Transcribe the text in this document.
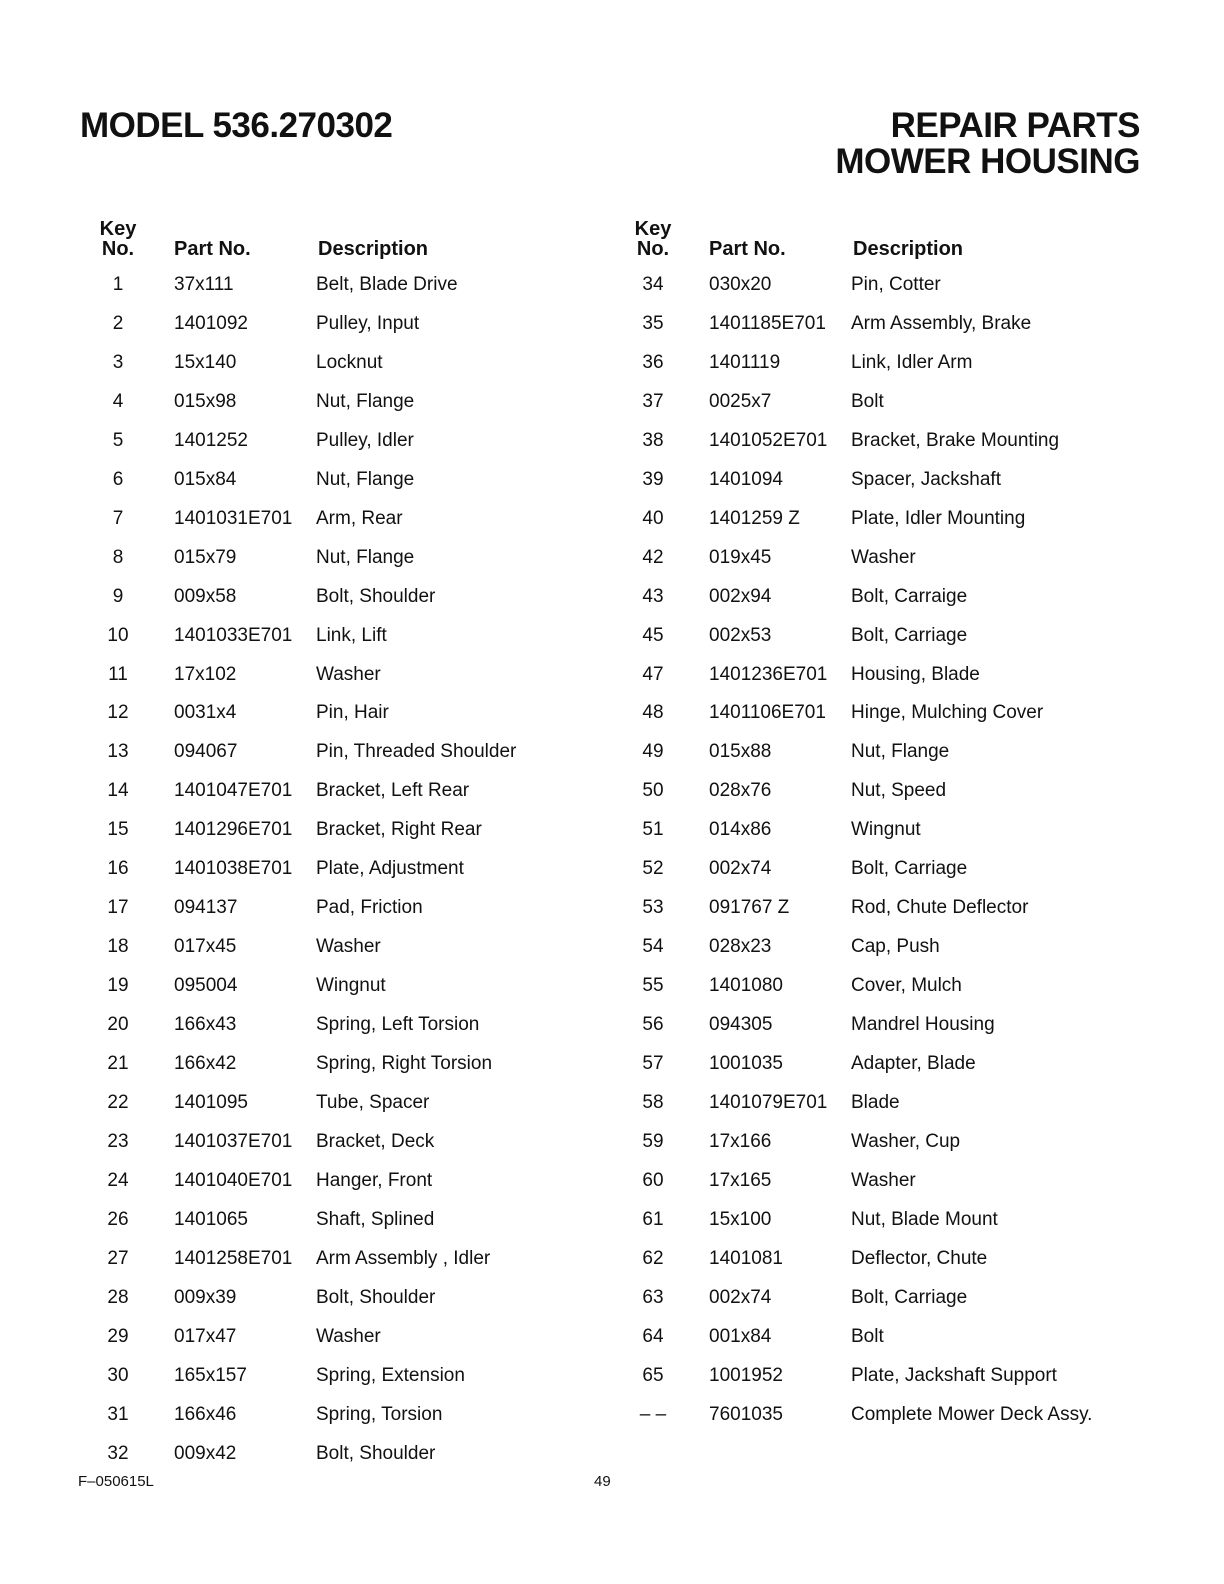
MODEL 536.270302	REPAIR PARTS
MOWER HOUSING
Key
No.	Part No.	Description
1	37x111	Belt, Blade Drive
2	1401092	Pulley, Input
3	15x140	Locknut
4	015x98	Nut, Flange
5	1401252	Pulley, Idler
6	015x84	Nut, Flange
7	1401031E701 Arm, Rear
8	015x79	Nut, Flange
9	009x58	Bolt, Shoulder
10	1401033E701 Link, Lift
11	17x102	Washer
12	0031x4	Pin, Hair
13	094067	Pin, Threaded Shoulder
14	1401047E701 Bracket, Left Rear
15	1401296E701 Bracket, Right Rear
16	1401038E701 Plate, Adjustment
17	094137	Pad, Friction
18	017x45	Washer
19	095004	Wingnut
20	166x43	Spring, Left Torsion
21	166x42	Spring, Right Torsion
22	1401095	Tube, Spacer
23	1401037E701 Bracket, Deck
24	1401040E701 Hanger, Front
26	1401065	Shaft, Splined
27	1401258E701 Arm Assembly , Idler
28	009x39	Bolt, Shoulder
29	017x47	Washer
30	165x157	Spring, Extension
31	166x46	Spring, Torsion
32	009x42	Bolt, Shoulder
Key
No.	Part No.	Description
34	030x20	Pin, Cotter
35	1401185E701 Arm Assembly, Brake
36	1401119	Link, Idler Arm
37	0025x7	Bolt
38	1401052E701 Bracket, Brake Mounting
39	1401094	Spacer, Jackshaft
40	1401259 Z	Plate, Idler Mounting
42	019x45	Washer
43	002x94	Bolt, Carraige
45	002x53	Bolt, Carriage
47	1401236E701 Housing, Blade
48	1401106E701 Hinge, Mulching Cover
49	015x88	Nut, Flange
50	028x76	Nut, Speed
51	014x86	Wingnut
52	002x74	Bolt, Carriage
53	091767 Z	Rod, Chute Deflector
54	028x23	Cap, Push
55	1401080	Cover, Mulch
56	094305	Mandrel Housing
57	1001035	Adapter, Blade
58	1401079E701 Blade
59	17x166	Washer, Cup
60	17x165	Washer
61	15x100	Nut, Blade Mount
62	1401081	Deflector, Chute
63	002x74	Bolt, Carriage
64	001x84	Bolt
65	1001952	Plate, Jackshaft Support
– –	7601035	Complete Mower Deck Assy.
F–050615L	49
